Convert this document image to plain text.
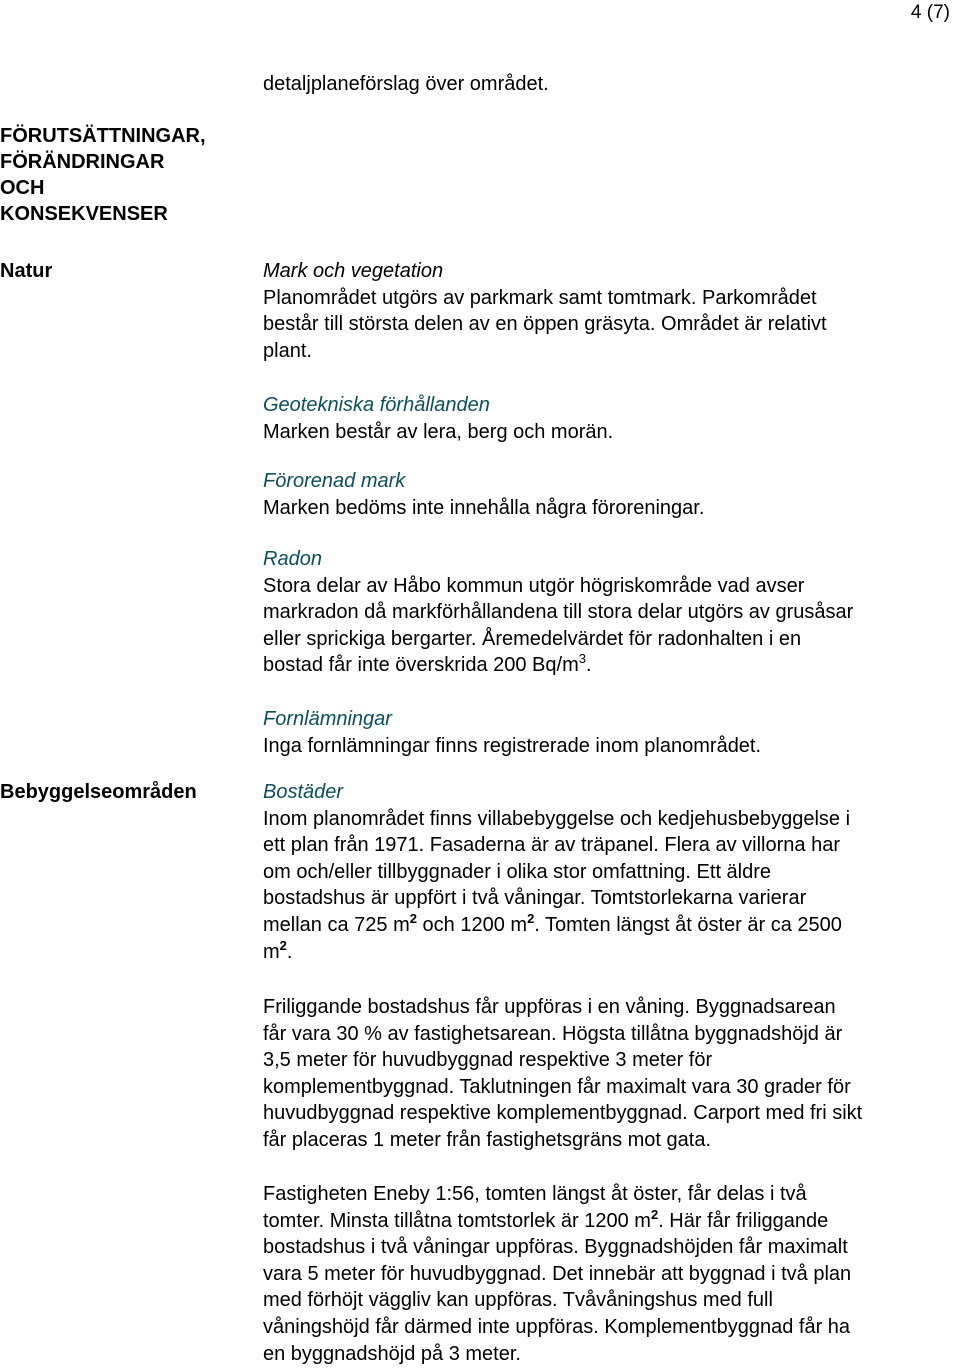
4 (7)

detaljplaneförslag över området.

FÖRUTSÄTTNINGAR,
FÖRÄNDRINGAR
OCH
KONSEKVENSER
Natur	Mark och vegetation

Planområdet utgörs av parkmark samt tomtmark. Parkområdet

består till största delen av en öppen gräsyta. Området är relativt

plant.

Geotekniska förhållanden

Marken består av lera, berg och morän.

Förorenad mark

Marken bedöms inte innehålla några föroreningar.

Radon

Stora delar av Håbo kommun utgör högriskområde vad avser

markradon då markförhållandena till stora delar utgörs av grusåsar

eller sprickiga bergarter. Åremedelvärdet för radonhalten i en

bostad får inte överskrida 200 $Bq/m^3$.

Fornlämningar

Inga fornlämningar finns registrerade inom planområdet.

Bebyggelseområden	Bostäder

Inom planområdet finns villabebyggelse och kedjehusbebyggelse i

ett plan från 1971. Fasaderna är av träpanel. Flera av villorna har

om och/eller tillbyggnader i olika stor omfattning. Ett äldre

bostadshus är uppfört i två våningar. Tomtstorlekarna varierar

mellan ca 725 $m^2$ och 1200 $m^2$. Tomten längst åt öster är ca 2500

$m^2$.

Friliggande bostadshus får uppföras i en våning. Byggnadsarean

får vara 30 % av fastighetsarean. Högsta tillåtna byggnadshöjd är

3,5 meter för huvudbyggnad respektive 3 meter för

komplementbyggnad. Taklutningen får maximalt vara 30 grader för

huvudbyggnad respektive komplementbyggnad. Carport med fri sikt

får placeras 1 meter från fastighetsgräns mot gata.

Fastigheten Eneby 1:56, tomten längst åt öster, får delas i två

tomter. Minsta tillåtna tomtstorlek är 1200 $m^2$. Här får friliggande

bostadshus i två våningar uppföras. Byggnadshöjden får maximalt

vara 5 meter för huvudbyggnad. Det innebär att byggnad i två plan

med förhöjt väggliv kan uppföras. Tvåvåningshus med full

våningshöjd får därmed inte uppföras. Komplementbyggnad får ha

en byggnadshöjd på 3 meter.
